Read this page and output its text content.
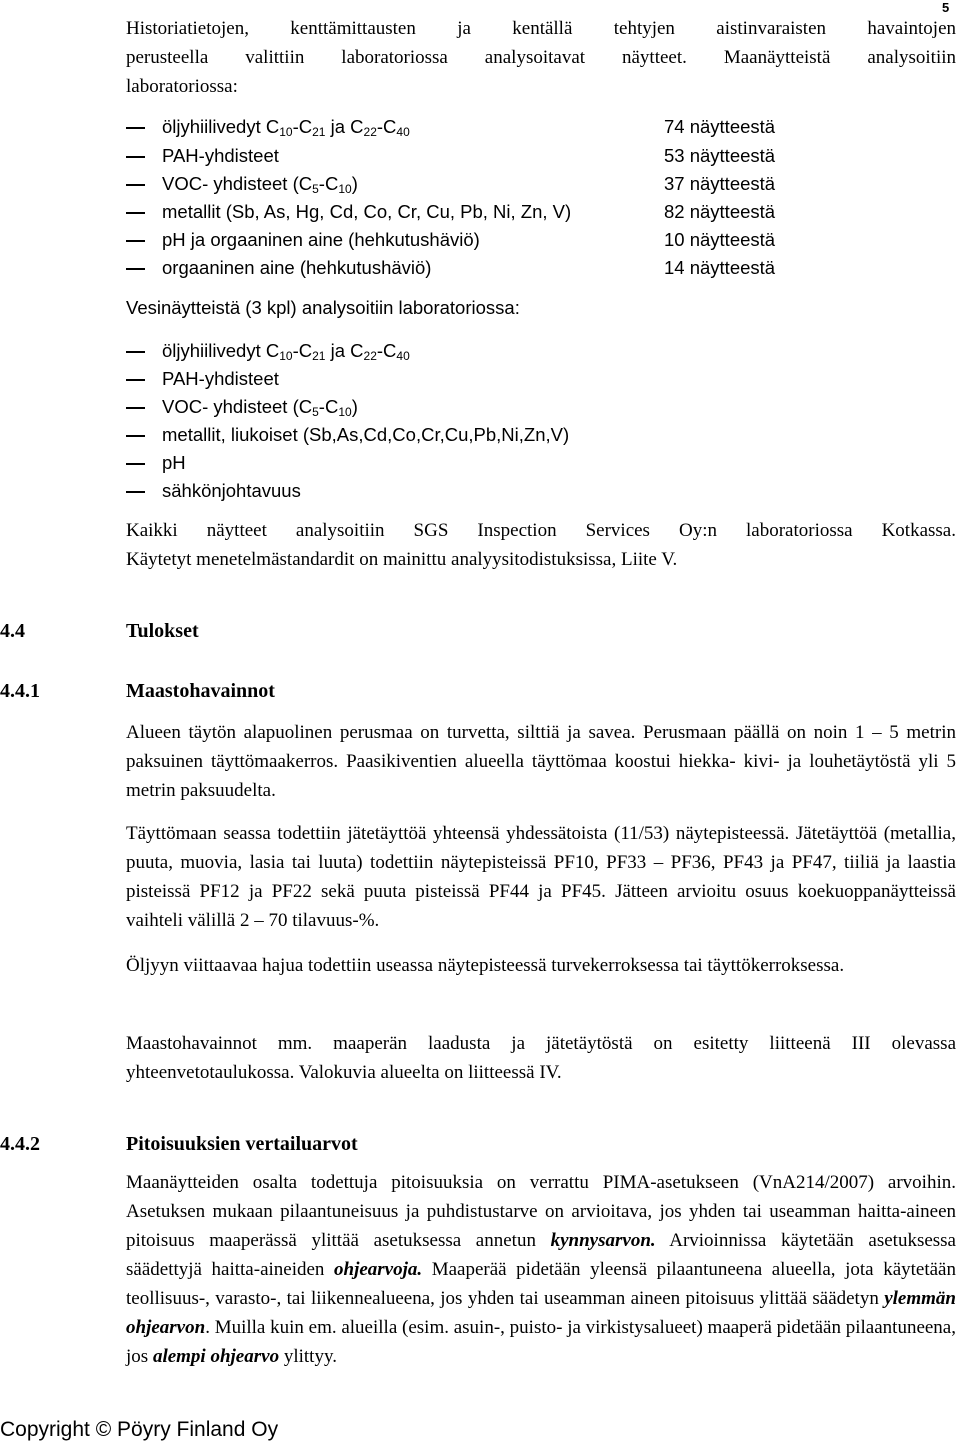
5
Historiatietojen, kenttämittausten ja kentällä tehtyjen aistinvaraisten havaintojen
perusteella valittiin laboratoriossa analysoitavat näytteet. Maanäytteistä analysoitiin
laboratoriossa:
öljyhiilivedyt $C_{10}-C_{21}$ ja $C_{22}-C_{40}$	74 näytteestä
PAH-yhdisteet	53 näytteestä
VOC- yhdisteet $(C_5-C_{10})$	37 näytteestä
metallit (Sb, As, Hg, Cd, Co, Cr, Cu, Pb, Ni, Zn, V)	82 näytteestä
pH ja orgaaninen aine (hehkutushäviö)	10 näytteestä
orgaaninen aine (hehkutushäviö)	14 näytteestä
Vesinäytteistä (3 kpl) analysoitiin laboratoriossa:
öljyhiilivedyt $C_{10}-C_{21}$ ja $C_{22}-C_{40}$
PAH-yhdisteet
VOC- yhdisteet $(C_5-C_{10})$
metallit, liukoiset (Sb,As,Cd,Co,Cr,Cu,Pb,Ni,Zn,V)
pH
sähkönjohtavuus
Kaikki näytteet analysoitiin SGS Inspection Services Oy:n laboratoriossa Kotkassa.
Käytetyt menetelmästandardit on mainittu analyysitodistuksissa, Liite V.
4.4	Tulokset
4.4.1	Maastohavainnot

Alueen täytön alapuolinen perusmaa on turvetta, silttiä ja savea. Perusmaan päällä on noin 1 – 5 metrin paksuinen täyttömaakerros. Paasikiventien alueella täyttömaa koostui hiekka- kivi- ja louhetäytöstä yli 5 metrin paksuudelta.

Täyttömaan seassa todettiin jätetäyttöä yhteensä yhdessätoista (11/53) näytepisteessä. Jätetäyttöä (metallia, puuta, muovia, lasia tai luuta) todettiin näytepisteissä PF10, PF33 – PF36, PF43 ja PF47, tiiliä ja laastia pisteissä PF12 ja PF22 sekä puuta pisteissä PF44 ja PF45. Jätteen arvioitu osuus koekuoppanäytteissä vaihteli välillä 2 – 70 tilavuus-%.

Öljyyn viittaavaa hajua todettiin useassa näytepisteessä turvekerroksessa tai täyttökerroksessa.

Maastohavainnot mm. maaperän laadusta ja jätetäytöstä on esitetty liitteenä III olevassa yhteenvetotaulukossa. Valokuvia alueelta on liitteessä IV.

4.4.2	Pitoisuuksien vertailuarvot

Maanäytteiden osalta todettuja pitoisuuksia on verrattu PIMA-asetukseen (VnA214/2007) arvoihin. Asetuksen mukaan pilaantuneisuus ja puhdistustarve on arvioitava, jos yhden tai useamman haitta-aineen pitoisuus maaperässä ylittää asetuksessa annetun kynnysarvon. Arvioinnissa käytetään asetuksessa säädettyjä haitta-aineiden ohjearvoja. Maaperää pidetään yleensä pilaantuneena alueella, jota käytetään teollisuus-, varasto-, tai liikennealueena, jos yhden tai useamman aineen pitoisuus ylittää säädetyn ylemmän ohjearvon. Muilla kuin em. alueilla (esim. asuin-, puisto- ja virkistysalueet) maaperä pidetään pilaantuneena, jos alempi ohjearvo ylittyy.

Copyright © Pöyry Finland Oy
